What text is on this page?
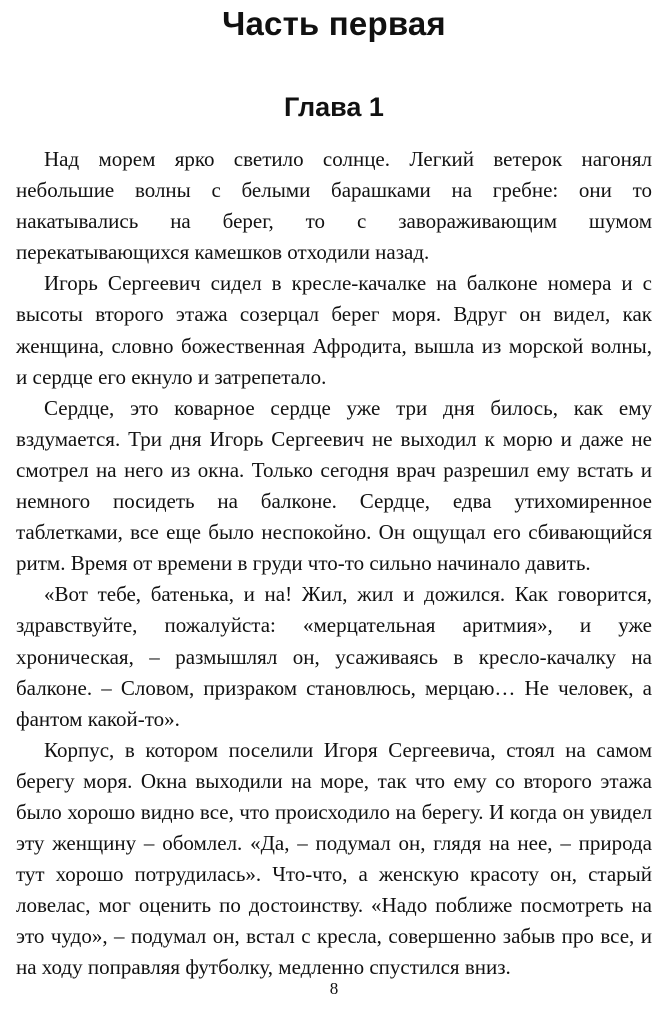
Часть первая
Глава 1

Над морем ярко светило солнце. Легкий ветерок нагонял небольшие волны с белыми барашками на гребне: они то накатывались на берег, то с завораживающим шумом перекатывающихся камешков отходили назад.

Игорь Сергеевич сидел в кресле-качалке на балконе номера и с высоты второго этажа созерцал берег моря. Вдруг он видел, как женщина, словно божественная Афродита, вышла из морской волны, и сердце его екнуло и затрепетало.

Сердце, это коварное сердце уже три дня билось, как ему вздумается. Три дня Игорь Сергеевич не выходил к морю и даже не смотрел на него из окна. Только сегодня врач разрешил ему встать и немного посидеть на балконе. Сердце, едва утихомиренное таблетками, все еще было неспокойно. Он ощущал его сбивающийся ритм. Время от времени в груди что-то сильно начинало давить.

«Вот тебе, батенька, и на! Жил, жил и дожился. Как говорится, здравствуйте, пожалуйста: «мерцательная аритмия», и уже хроническая, – размышлял он, усаживаясь в кресло-качалку на балконе. – Словом, призраком становлюсь, мерцаю… Не человек, а фантом какой-то».

Корпус, в котором поселили Игоря Сергеевича, стоял на самом берегу моря. Окна выходили на море, так что ему со второго этажа было хорошо видно все, что происходило на берегу. И когда он увидел эту женщину – обомлел. «Да, – подумал он, глядя на нее, – природа тут хорошо потрудилась». Что-что, а женскую красоту он, старый ловелас, мог оценить по достоинству. «Надо поближе посмотреть на это чудо», – подумал он, встал с кресла, совершенно забыв про все, и на ходу поправляя футболку, медленно спустился вниз.

8
